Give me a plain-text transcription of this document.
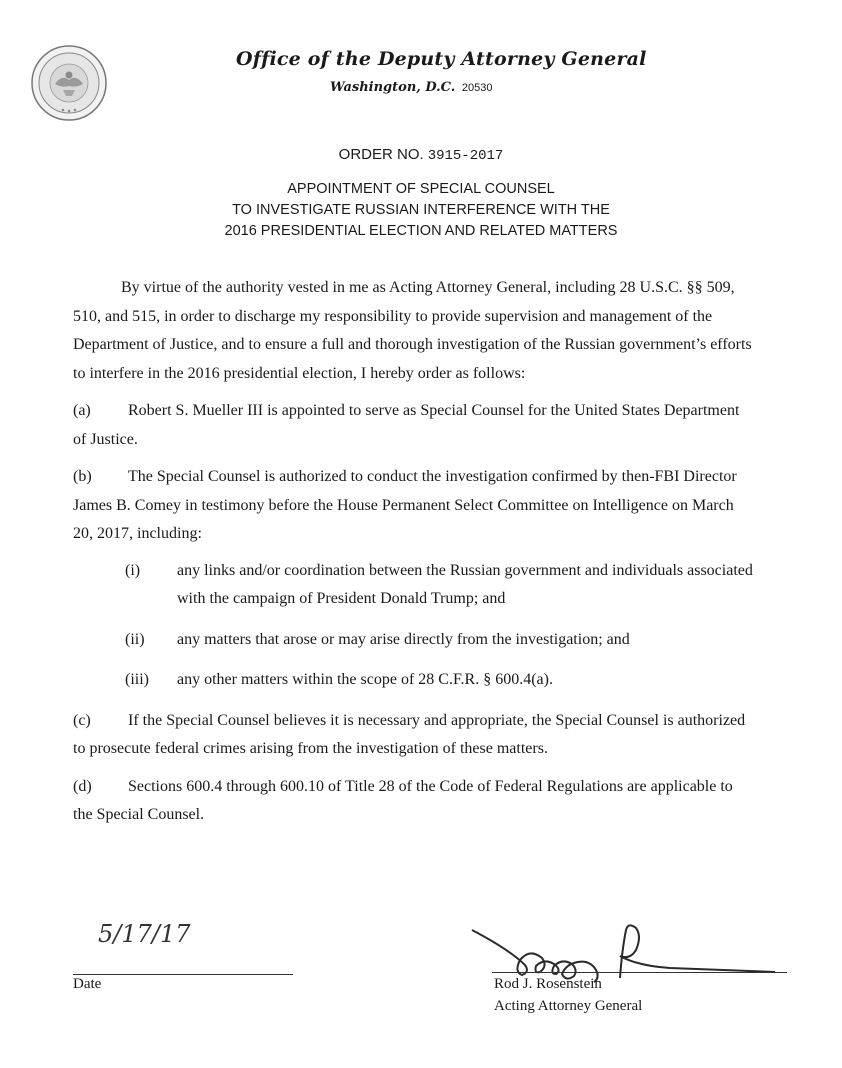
Office of the Deputy Attorney General
Washington, D.C. 20530
ORDER NO. 3915-2017
APPOINTMENT OF SPECIAL COUNSEL
TO INVESTIGATE RUSSIAN INTERFERENCE WITH THE
2016 PRESIDENTIAL ELECTION AND RELATED MATTERS

By virtue of the authority vested in me as Acting Attorney General, including 28 U.S.C. §§ 509, 510, and 515, in order to discharge my responsibility to provide supervision and management of the Department of Justice, and to ensure a full and thorough investigation of the Russian government’s efforts to interfere in the 2016 presidential election, I hereby order as follows:

(a) Robert S. Mueller III is appointed to serve as Special Counsel for the United States Department of Justice.

(b) The Special Counsel is authorized to conduct the investigation confirmed by then-FBI Director James B. Comey in testimony before the House Permanent Select Committee on Intelligence on March 20, 2017, including:

(i)	any links and/or coordination between the Russian government and individuals associated with the campaign of President Donald Trump; and
(ii)	any matters that arose or may arise directly from the investigation; and
(iii)	any other matters within the scope of 28 C.F.R. § 600.4(a).

(c) If the Special Counsel believes it is necessary and appropriate, the Special Counsel is authorized to prosecute federal crimes arising from the investigation of these matters.

(d) Sections 600.4 through 600.10 of Title 28 of the Code of Federal Regulations are applicable to the Special Counsel.

5/17/17
Date	Rod J. Rosenstein
Acting Attorney General
